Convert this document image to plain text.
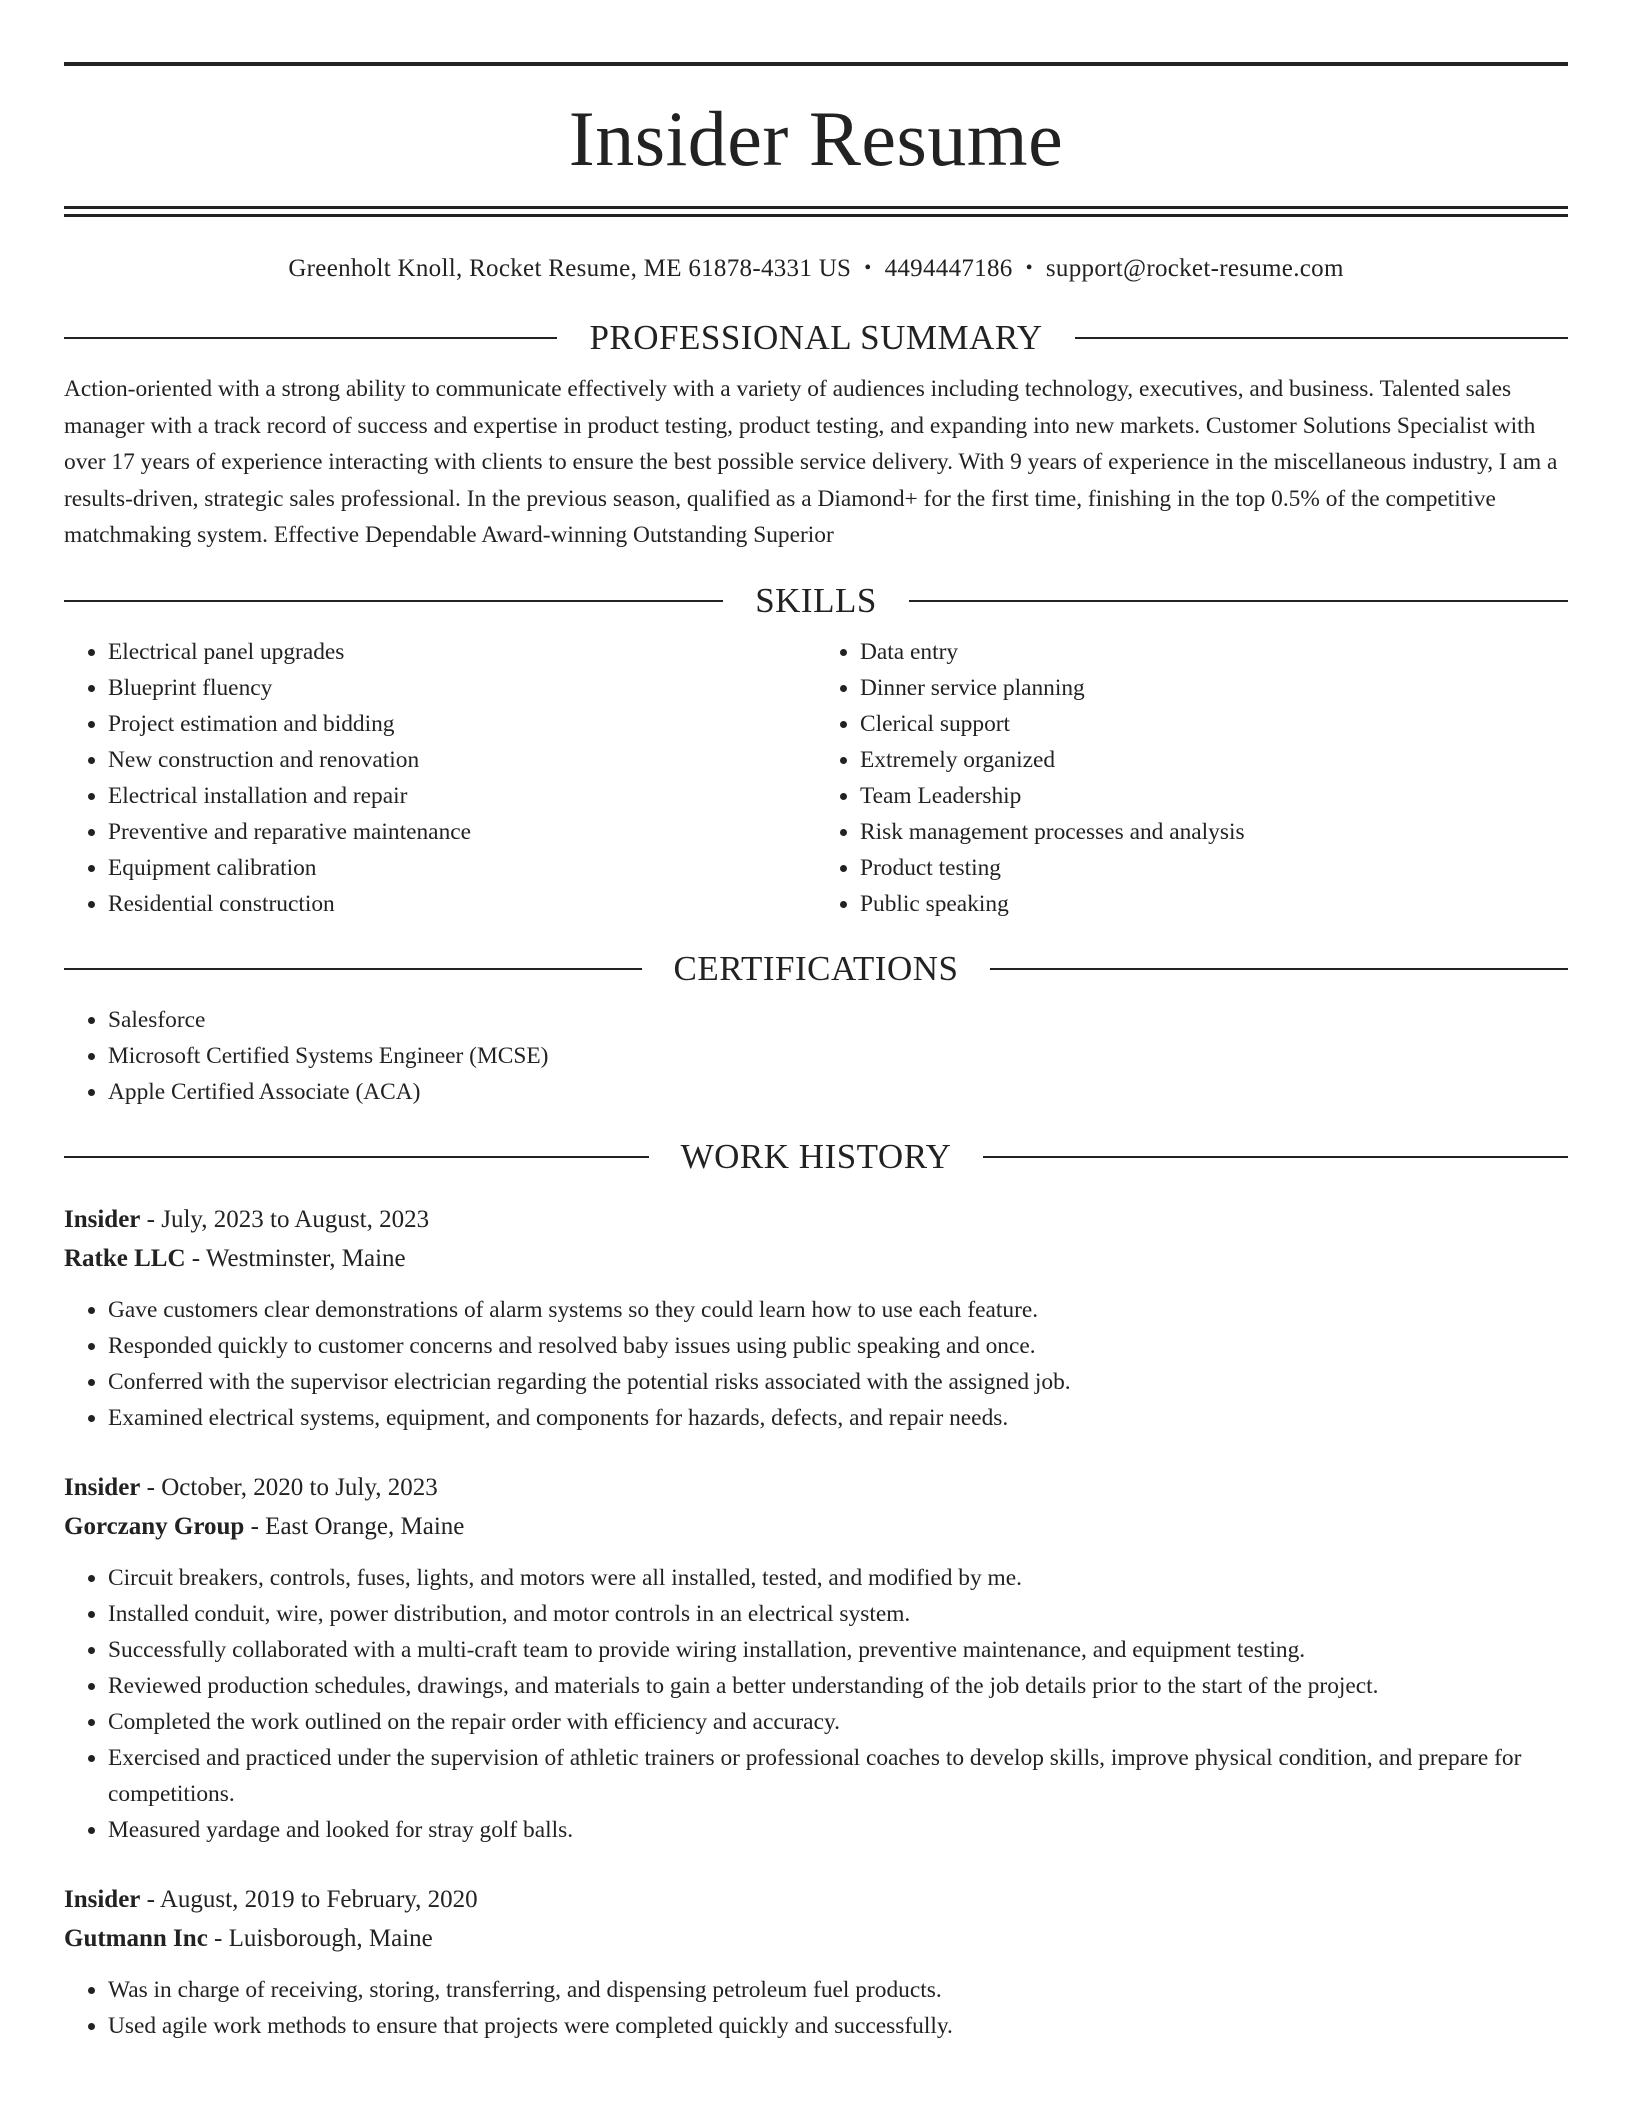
Insider Resume
Greenholt Knoll, Rocket Resume, ME 61878-4331 US • 4494447186 • support@rocket-resume.com
PROFESSIONAL SUMMARY
Action-oriented with a strong ability to communicate effectively with a variety of audiences including technology, executives, and business. Talented sales manager with a track record of success and expertise in product testing, product testing, and expanding into new markets. Customer Solutions Specialist with over 17 years of experience interacting with clients to ensure the best possible service delivery. With 9 years of experience in the miscellaneous industry, I am a results-driven, strategic sales professional. In the previous season, qualified as a Diamond+ for the first time, finishing in the top 0.5% of the competitive matchmaking system. Effective Dependable Award-winning Outstanding Superior
SKILLS
• Electrical panel upgrades
• Blueprint fluency
• Project estimation and bidding
• New construction and renovation
• Electrical installation and repair
• Preventive and reparative maintenance
• Equipment calibration
• Residential construction
• Data entry
• Dinner service planning
• Clerical support
• Extremely organized
• Team Leadership
• Risk management processes and analysis
• Product testing
• Public speaking
CERTIFICATIONS
• Salesforce
• Microsoft Certified Systems Engineer (MCSE)
• Apple Certified Associate (ACA)
WORK HISTORY
Insider - July, 2023 to August, 2023
Ratke LLC - Westminster, Maine
• Gave customers clear demonstrations of alarm systems so they could learn how to use each feature.
• Responded quickly to customer concerns and resolved baby issues using public speaking and once.
• Conferred with the supervisor electrician regarding the potential risks associated with the assigned job.
• Examined electrical systems, equipment, and components for hazards, defects, and repair needs.
Insider - October, 2020 to July, 2023
Gorczany Group - East Orange, Maine
• Circuit breakers, controls, fuses, lights, and motors were all installed, tested, and modified by me.
• Installed conduit, wire, power distribution, and motor controls in an electrical system.
• Successfully collaborated with a multi-craft team to provide wiring installation, preventive maintenance, and equipment testing.
• Reviewed production schedules, drawings, and materials to gain a better understanding of the job details prior to the start of the project.
• Completed the work outlined on the repair order with efficiency and accuracy.
• Exercised and practiced under the supervision of athletic trainers or professional coaches to develop skills, improve physical condition, and prepare for competitions.
• Measured yardage and looked for stray golf balls.
Insider - August, 2019 to February, 2020
Gutmann Inc - Luisborough, Maine
• Was in charge of receiving, storing, transferring, and dispensing petroleum fuel products.
• Used agile work methods to ensure that projects were completed quickly and successfully.
